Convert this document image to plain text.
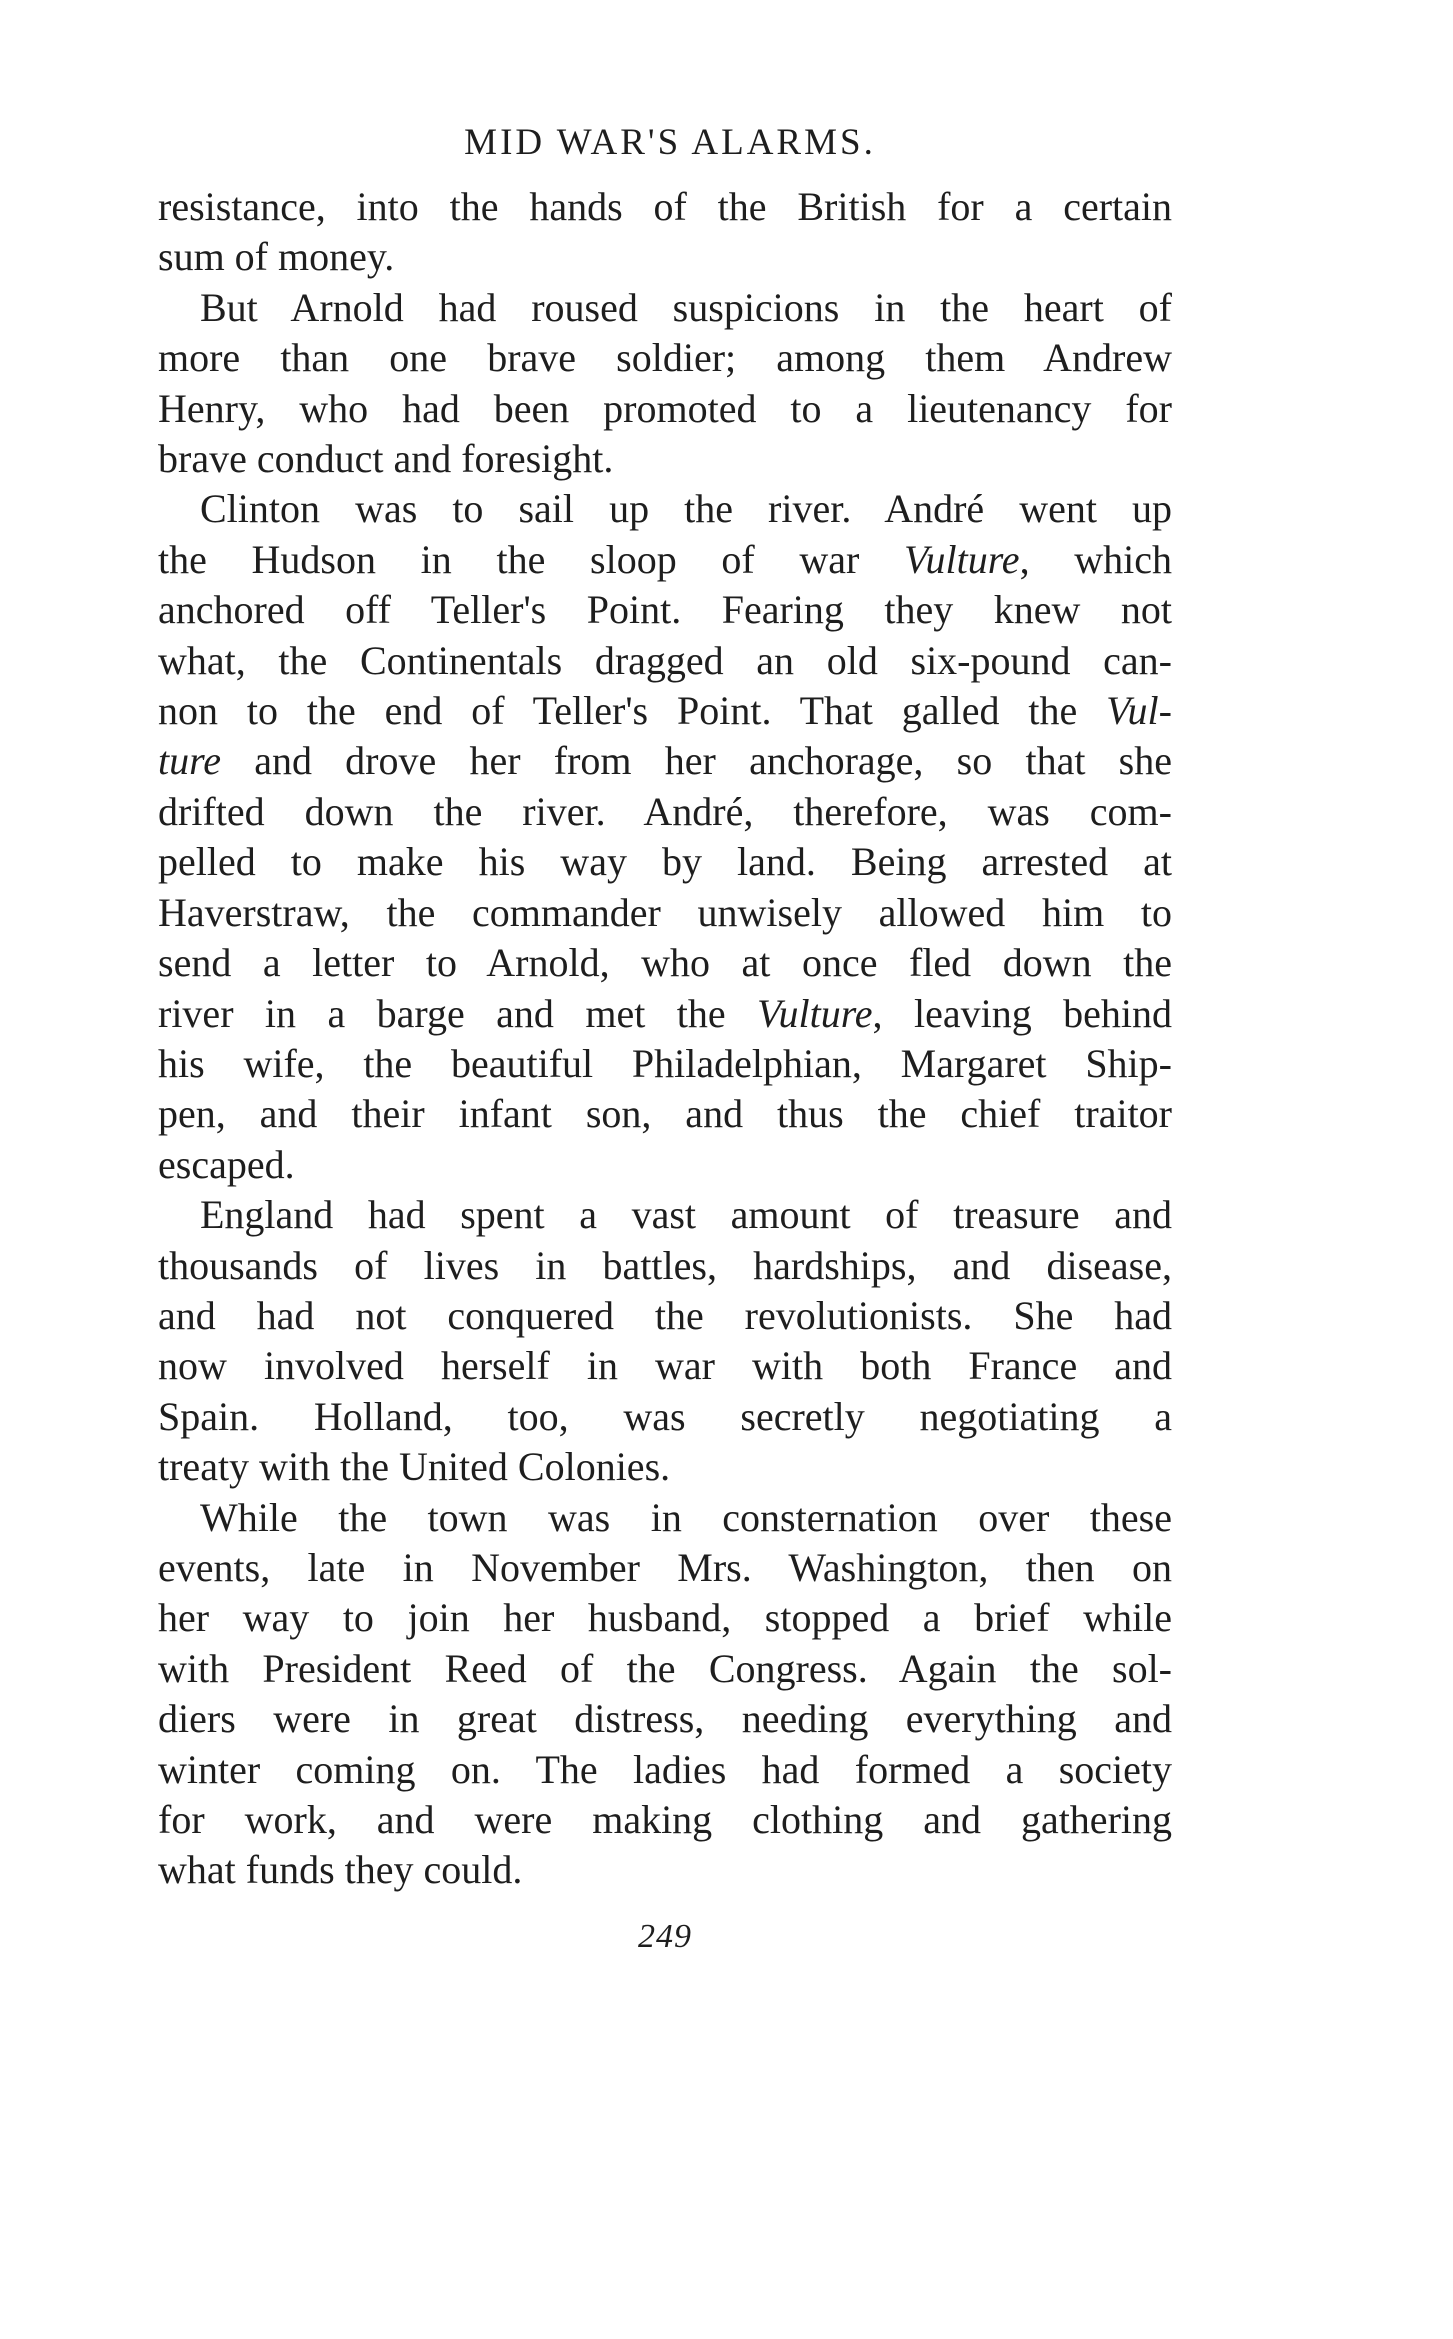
MID WAR'S ALARMS.
resistance, into the hands of the British for a certain
sum of money.
But Arnold had roused suspicions in the heart of
more than one brave soldier; among them Andrew
Henry, who had been promoted to a lieutenancy for
brave conduct and foresight.
Clinton was to sail up the river. André went up
the Hudson in the sloop of war Vulture, which
anchored off Teller's Point. Fearing they knew not
what, the Continentals dragged an old six-pound can-
non to the end of Teller's Point. That galled the Vul-
ture and drove her from her anchorage, so that she
drifted down the river. André, therefore, was com-
pelled to make his way by land. Being arrested at
Haverstraw, the commander unwisely allowed him to
send a letter to Arnold, who at once fled down the
river in a barge and met the Vulture, leaving behind
his wife, the beautiful Philadelphian, Margaret Ship-
pen, and their infant son, and thus the chief traitor
escaped.
England had spent a vast amount of treasure and
thousands of lives in battles, hardships, and disease,
and had not conquered the revolutionists. She had
now involved herself in war with both France and
Spain. Holland, too, was secretly negotiating a
treaty with the United Colonies.
While the town was in consternation over these
events, late in November Mrs. Washington, then on
her way to join her husband, stopped a brief while
with President Reed of the Congress. Again the sol-
diers were in great distress, needing everything and
winter coming on. The ladies had formed a society
for work, and were making clothing and gathering
what funds they could.
249
